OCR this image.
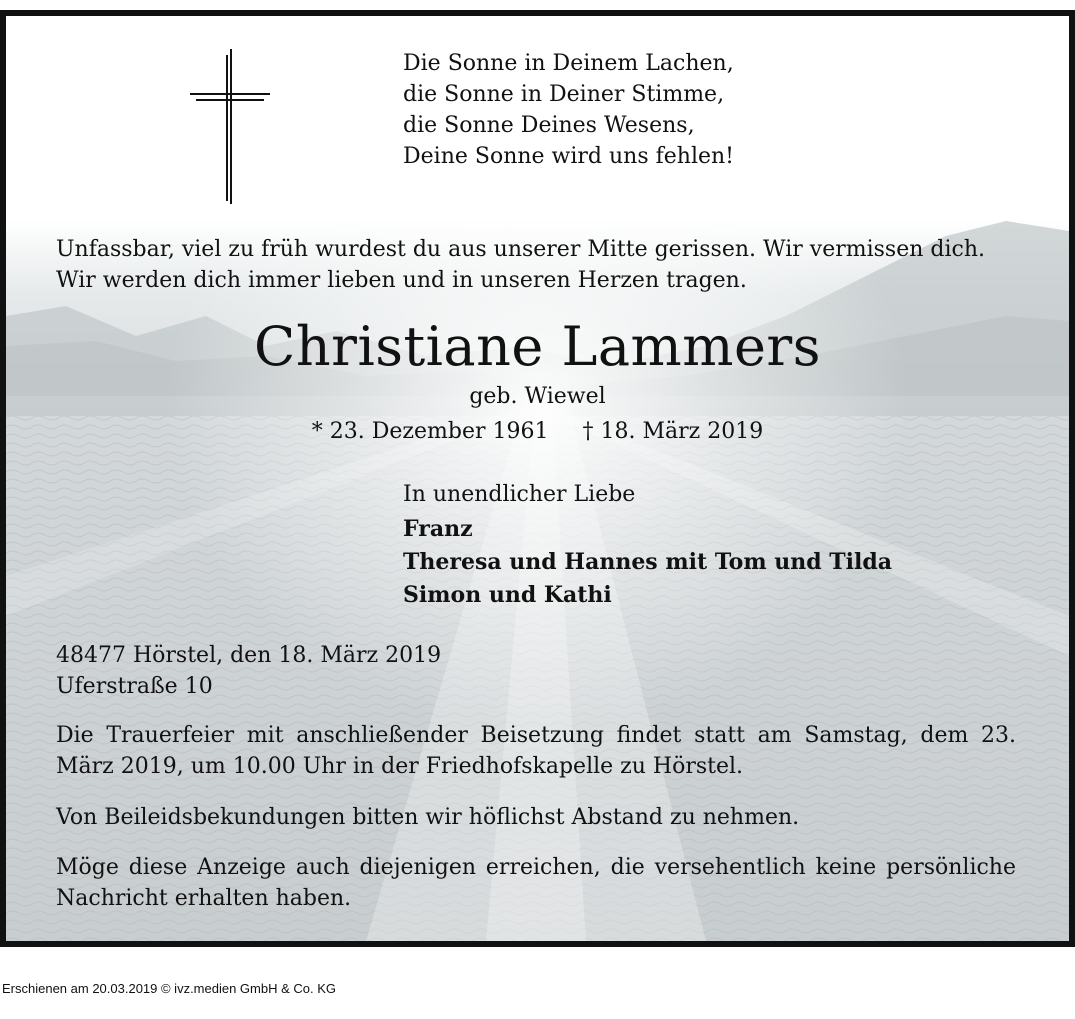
Die Sonne in Deinem Lachen,
die Sonne in Deiner Stimme,
die Sonne Deines Wesens,
Deine Sonne wird uns fehlen!
Unfassbar, viel zu früh wurdest du aus unserer Mitte gerissen. Wir vermissen dich.
Wir werden dich immer lieben und in unseren Herzen tragen.
Christiane Lammers
geb. Wiewel
* 23. Dezember 1961 † 18. März 2019
In unendlicher Liebe
Franz
Theresa und Hannes mit Tom und Tilda
Simon und Kathi
48477 Hörstel, den 18. März 2019
Uferstraße 10
Die Trauerfeier mit anschließender Beisetzung findet statt am Samstag, dem 23. März 2019, um 10.00 Uhr in der Friedhofskapelle zu Hörstel.
Von Beileidsbekundungen bitten wir höflichst Abstand zu nehmen.
Möge diese Anzeige auch diejenigen erreichen, die versehentlich keine persönliche Nachricht erhalten haben.
Erschienen am 20.03.2019 © ivz.medien GmbH & Co. KG
